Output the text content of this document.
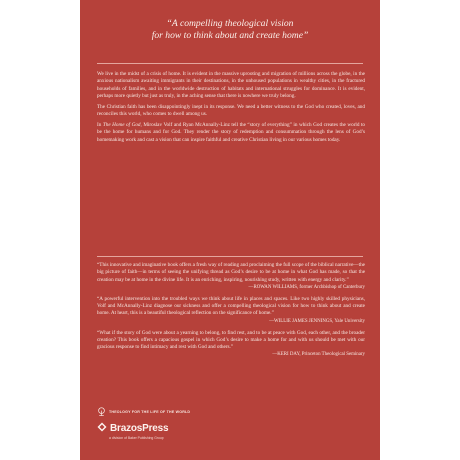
“A compelling theological vision
for how to think about and create home”

We live in the midst of a crisis of home. It is evident in the massive uprooting and migration of millions across the globe, in the anxious nationalism awaiting immigrants in their destinations, in the unhoused populations in wealthy cities, in the fractured households of families, and in the worldwide destruction of habitats and international struggles for dominance. It is evident, perhaps more quietly but just as truly, in the aching sense that there is nowhere we truly belong.

The Christian faith has been disappointingly inept in its response. We need a better witness to the God who created, loves, and reconciles this world, who comes to dwell among us.

In The Home of God, Miroslav Volf and Ryan McAnnally-Linz tell the “story of everything” in which God creates the world to be the home for humans and for God. They render the story of redemption and consummation through the lens of God’s homemaking work and cast a vision that can inspire faithful and creative Christian living in our various homes today.

“This innovative and imaginative book offers a fresh way of reading and proclaiming the full scope of the biblical narrative—the big picture of faith—in terms of seeing the unifying thread as God’s desire to be at home in what God has made, so that the creation may be at home in the divine life. It is an enriching, inspiring, nourishing study, written with energy and clarity.”
—ROWAN WILLIAMS, former Archbishop of Canterbury
“A powerful intervention into the troubled ways we think about life in places and spaces. Like two highly skilled physicians, Volf and McAnnally-Linz diagnose our sickness and offer a compelling theological vision for how to think about and create home. At heart, this is a beautiful theological reflection on the significance of home.”
—WILLIE JAMES JENNINGS, Yale University
“What if the story of God were about a yearning to belong, to find rest, and to be at peace with God, each other, and the broader creation? This book offers a capacious gospel in which God’s desire to make a home for and with us should be met with our gracious response to find intimacy and rest with God and others.”
—KERI DAY, Princeton Theological Seminary
THEOLOGY FOR THE LIFE OF THE WORLD
BrazosPress
a division of Baker Publishing Group
